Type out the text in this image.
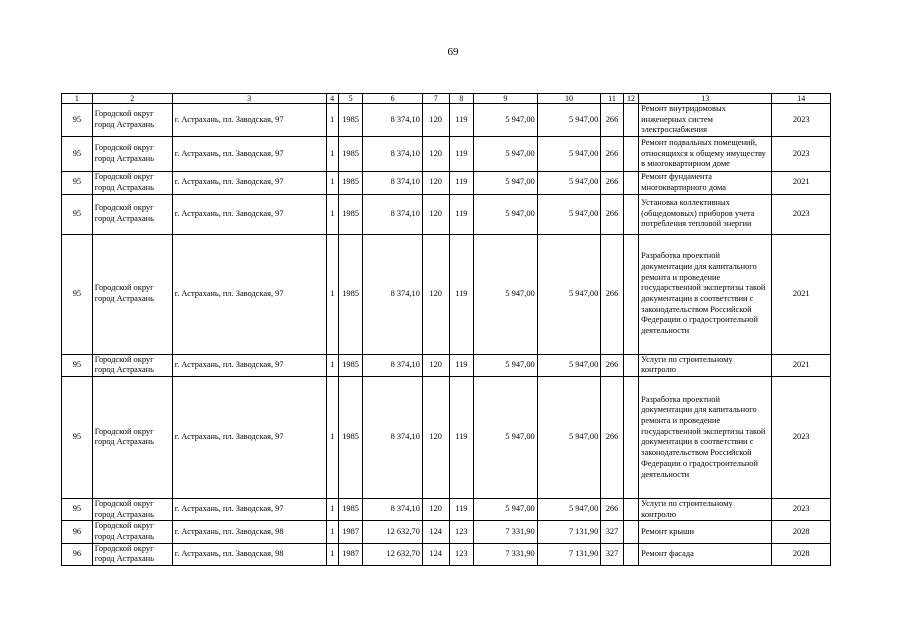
69
1	2	3	4	5	6	7	8	9	10	11	12	13	14
95	Городской округ город Астрахань	г. Астрахань, пл. Заводская, 97	1	1985	8 374,10	120	119	5 947,00	5 947,00	266		Ремонт внутридомовых инженерных систем электроснабжения	2023
95	Городской округ город Астрахань	г. Астрахань, пл. Заводская, 97	1	1985	8 374,10	120	119	5 947,00	5 947,00	266		Ремонт подвальных помещений, относящихся к общему имуществу в многоквартирном доме	2023
95	Городской округ город Астрахань	г. Астрахань, пл. Заводская, 97	1	1985	8 374,10	120	119	5 947,00	5 947,00	266		Ремонт фундамента многоквартирного дома	2021
95	Городской округ город Астрахань	г. Астрахань, пл. Заводская, 97	1	1985	8 374,10	120	119	5 947,00	5 947,00	266		Установка коллективных (общедомовых) приборов учета потребления тепловой энергии	2023
95	Городской округ город Астрахань	г. Астрахань, пл. Заводская, 97	1	1985	8 374,10	120	119	5 947,00	5 947,00	266		Разработка проектной документации для капитального ремонта и проведение государственной экспертизы такой документации в соответствии с законодательством Российской Федерации о градостроительной деятельности	2021
95	Городской округ город Астрахань	г. Астрахань, пл. Заводская, 97	1	1985	8 374,10	120	119	5 947,00	5 947,00	266		Услуги по строительному контролю	2021
95	Городской округ город Астрахань	г. Астрахань, пл. Заводская, 97	1	1985	8 374,10	120	119	5 947,00	5 947,00	266		Разработка проектной документации для капитального ремонта и проведение государственной экспертизы такой документации в соответствии с законодательством Российской Федерации о градостроительной деятельности	2023
95	Городской округ город Астрахань	г. Астрахань, пл. Заводская, 97	1	1985	8 374,10	120	119	5 947,00	5 947,00	266		Услуги по строительному контролю	2023
96	Городской округ город Астрахань	г. Астрахань, пл. Заводская, 98	1	1987	12 632,70	124	123	7 331,90	7 131,90	327		Ремонт крыши	2028
96	Городской округ город Астрахань	г. Астрахань, пл. Заводская, 98	1	1987	12 632,70	124	123	7 331,90	7 131,90	327		Ремонт фасада	2028
